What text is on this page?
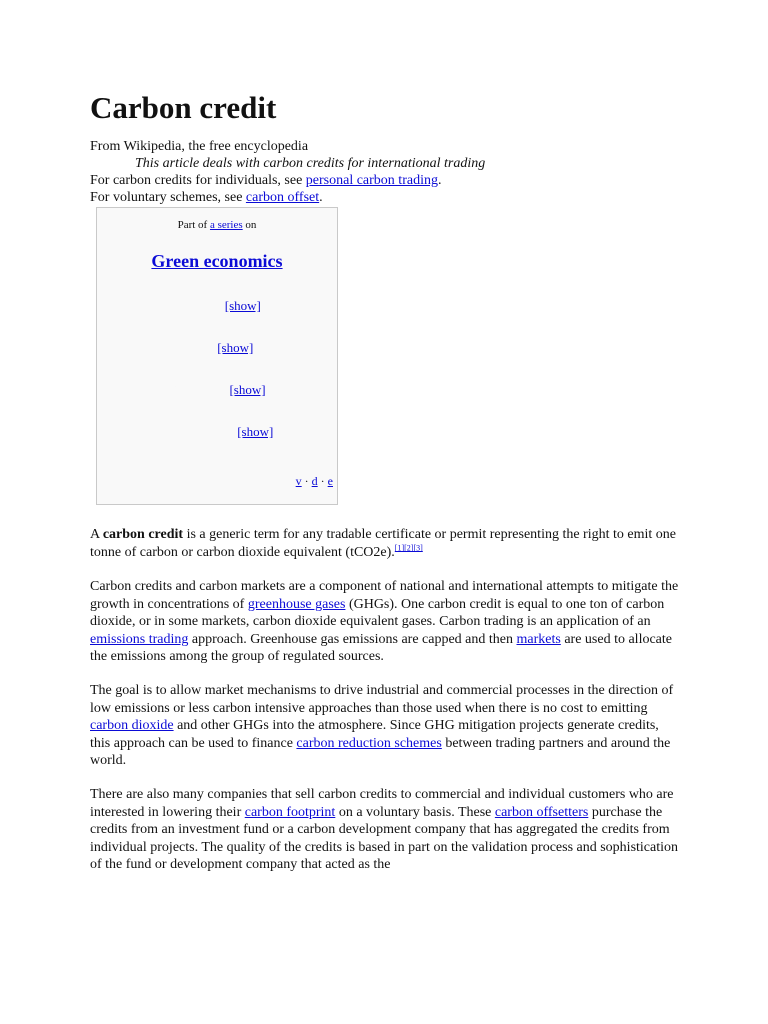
Carbon credit
From Wikipedia, the free encyclopedia
This article deals with carbon credits for international trading
For carbon credits for individuals, see personal carbon trading.
For voluntary schemes, see carbon offset.
Part of a series on
Green economics
Concepts [show]
Policy [show]
Economics [show]
Green income [show]
v · d · e

A carbon credit is a generic term for any tradable certificate or permit representing the right to emit one tonne of carbon or carbon dioxide equivalent (tCO2e).[1][2][3]

Carbon credits and carbon markets are a component of national and international attempts to mitigate the growth in concentrations of greenhouse gases (GHGs). One carbon credit is equal to one ton of carbon dioxide, or in some markets, carbon dioxide equivalent gases. Carbon trading is an application of an emissions trading approach. Greenhouse gas emissions are capped and then markets are used to allocate the emissions among the group of regulated sources.

The goal is to allow market mechanisms to drive industrial and commercial processes in the direction of low emissions or less carbon intensive approaches than those used when there is no cost to emitting carbon dioxide and other GHGs into the atmosphere. Since GHG mitigation projects generate credits, this approach can be used to finance carbon reduction schemes between trading partners and around the world.

There are also many companies that sell carbon credits to commercial and individual customers who are interested in lowering their carbon footprint on a voluntary basis. These carbon offsetters purchase the credits from an investment fund or a carbon development company that has aggregated the credits from individual projects. The quality of the credits is based in part on the validation process and sophistication of the fund or development company that acted as the
